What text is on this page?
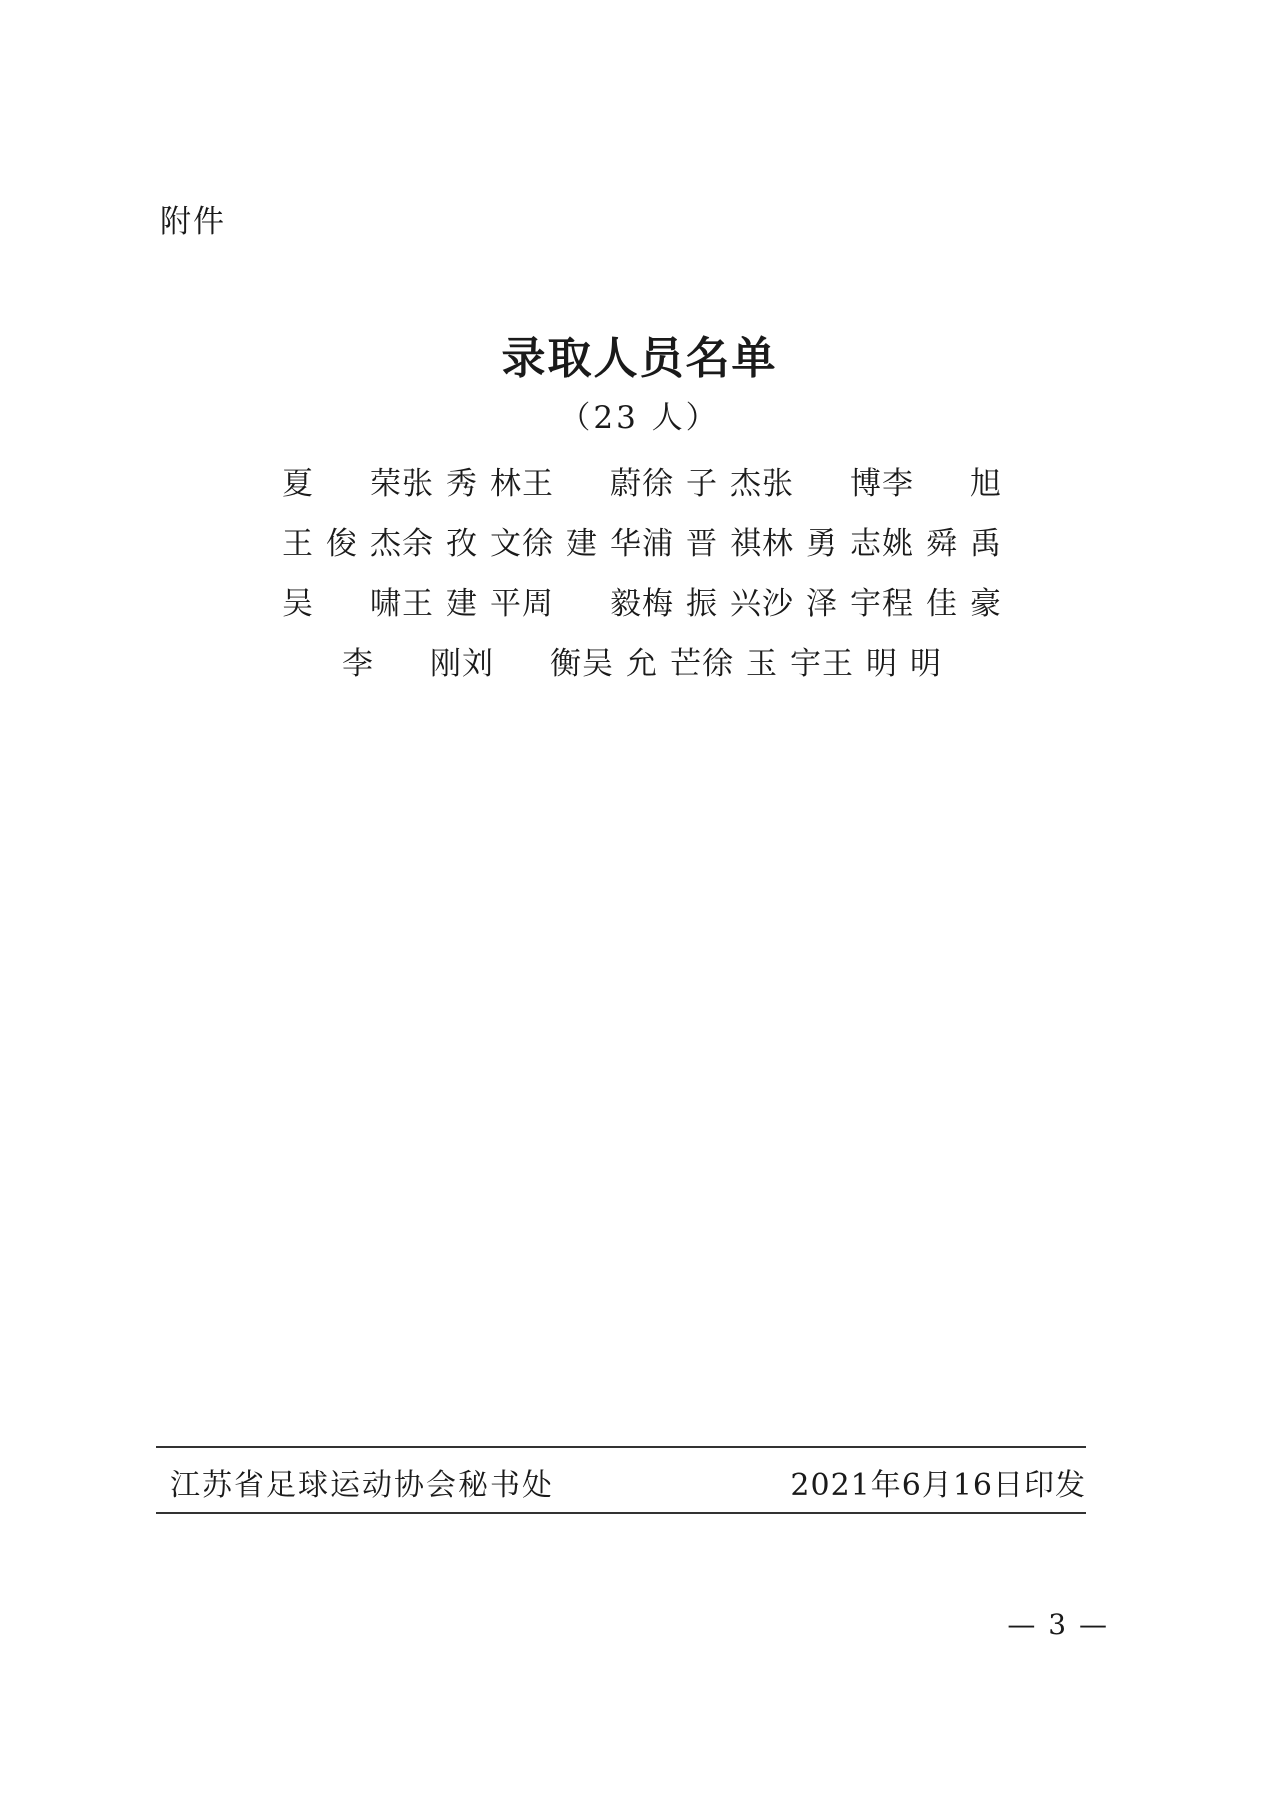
附件
录取人员名单
（23 人）
夏　荣 张秀林 王　蔚 徐子杰 张　博 李　旭
王俊杰 余孜文 徐建华 浦晋祺 林勇志 姚舜禹
吴　啸 王建平 周　毅 梅振兴 沙泽宇 程佳豪
李　刚 刘　衡 吴允芒 徐玉宇 王明明
江苏省足球运动协会秘书处	2021年6月16日印发
— 3 —
